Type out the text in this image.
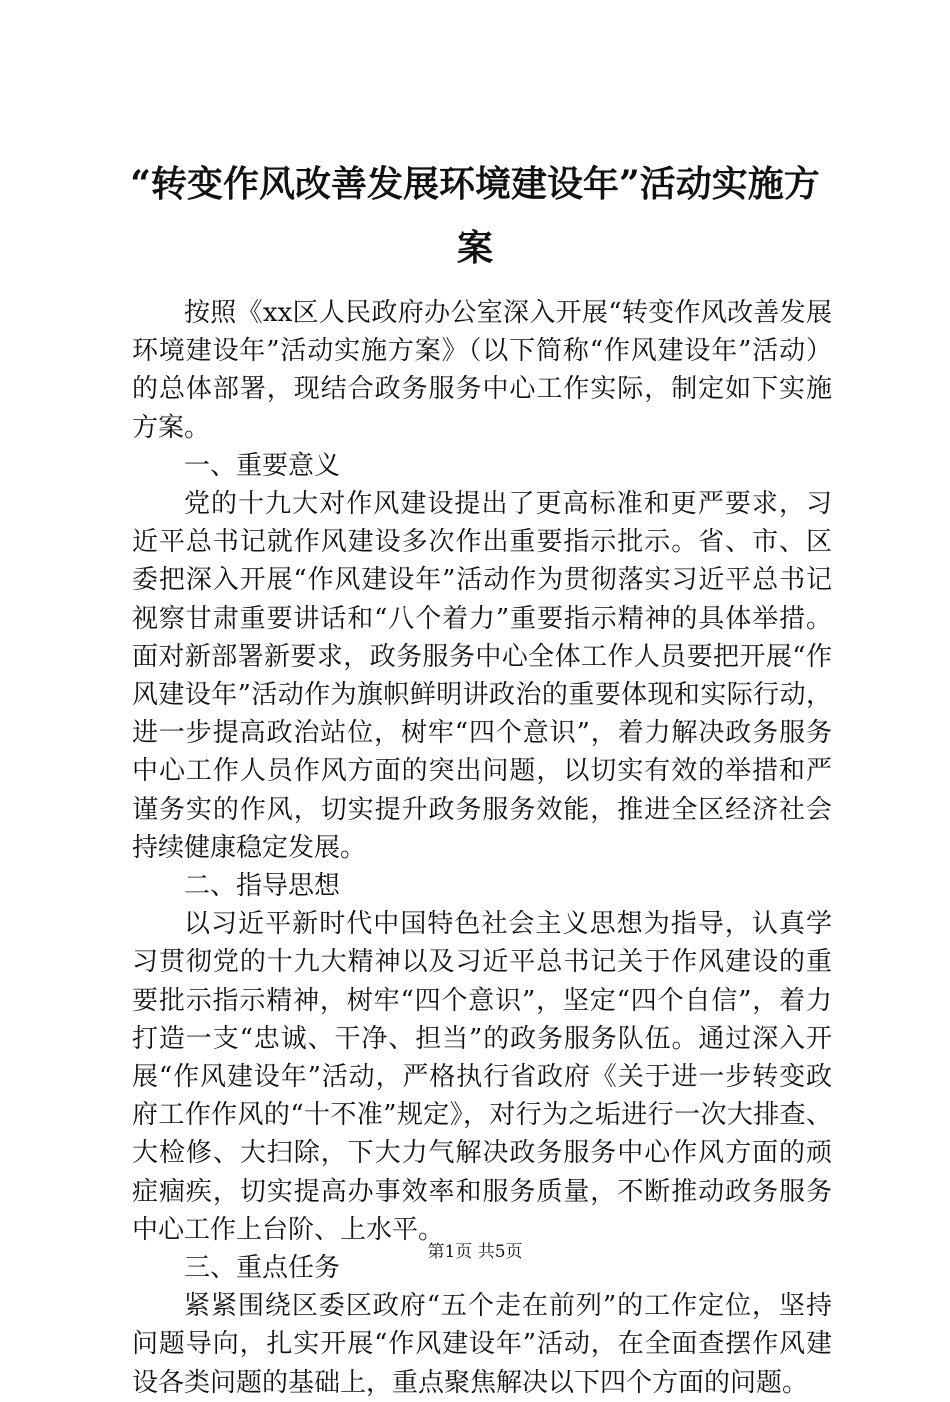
“转变作风改善发展环境建设年”活动实施方案

按照《xx区人民政府办公室深入开展“转变作风改善发展环境建设年”活动实施方案》（以下简称“作风建设年”活动）的总体部署，现结合政务服务中心工作实际，制定如下实施方案。

一、重要意义

党的十九大对作风建设提出了更高标准和更严要求，习近平总书记就作风建设多次作出重要指示批示。省、市、区委把深入开展“作风建设年”活动作为贯彻落实习近平总书记视察甘肃重要讲话和“八个着力”重要指示精神的具体举措。面对新部署新要求，政务服务中心全体工作人员要把开展“作风建设年”活动作为旗帜鲜明讲政治的重要体现和实际行动，进一步提高政治站位，树牢“四个意识”，着力解决政务服务中心工作人员作风方面的突出问题，以切实有效的举措和严谨务实的作风，切实提升政务服务效能，推进全区经济社会持续健康稳定发展。

二、指导思想

以习近平新时代中国特色社会主义思想为指导，认真学习贯彻党的十九大精神以及习近平总书记关于作风建设的重要批示指示精神，树牢“四个意识”，坚定“四个自信”，着力打造一支“忠诚、干净、担当”的政务服务队伍。通过深入开展“作风建设年”活动，严格执行省政府《关于进一步转变政府工作作风的“十不准”规定》，对行为之垢进行一次大排查、大检修、大扫除，下大力气解决政务服务中心作风方面的顽症痼疾，切实提高办事效率和服务质量，不断推动政务服务中心工作上台阶、上水平。

三、重点任务

紧紧围绕区委区政府“五个走在前列”的工作定位，坚持问题导向，扎实开展“作风建设年”活动，在全面查摆作风建设各类问题的基础上，重点聚焦解决以下四个方面的问题。

第1页 共5页
